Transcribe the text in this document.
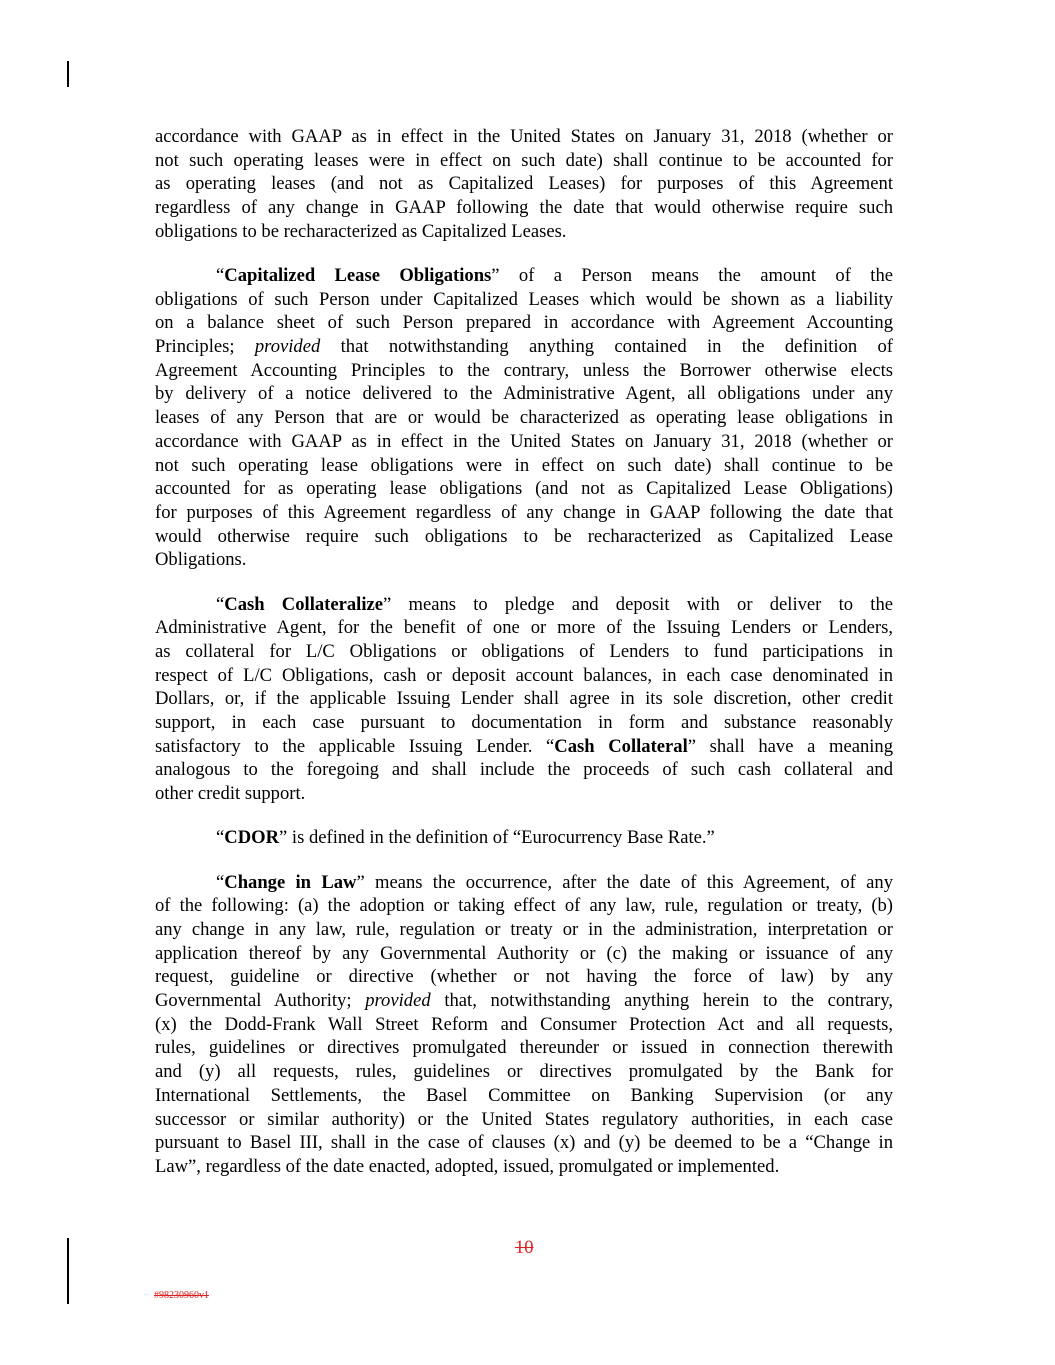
accordance with GAAP as in effect in the United States on January 31, 2018 (whether or
not such operating leases were in effect on such date) shall continue to be accounted for
as operating leases (and not as Capitalized Leases) for purposes of this Agreement
regardless of any change in GAAP following the date that would otherwise require such
obligations to be recharacterized as Capitalized Leases.
“Capitalized Lease Obligations” of a Person means the amount of the
obligations of such Person under Capitalized Leases which would be shown as a liability
on a balance sheet of such Person prepared in accordance with Agreement Accounting
Principles; provided that notwithstanding anything contained in the definition of
Agreement Accounting Principles to the contrary, unless the Borrower otherwise elects
by delivery of a notice delivered to the Administrative Agent, all obligations under any
leases of any Person that are or would be characterized as operating lease obligations in
accordance with GAAP as in effect in the United States on January 31, 2018 (whether or
not such operating lease obligations were in effect on such date) shall continue to be
accounted for as operating lease obligations (and not as Capitalized Lease Obligations)
for purposes of this Agreement regardless of any change in GAAP following the date that
would otherwise require such obligations to be recharacterized as Capitalized Lease
Obligations.
“Cash Collateralize” means to pledge and deposit with or deliver to the
Administrative Agent, for the benefit of one or more of the Issuing Lenders or Lenders,
as collateral for L/C Obligations or obligations of Lenders to fund participations in
respect of L/C Obligations, cash or deposit account balances, in each case denominated in
Dollars, or, if the applicable Issuing Lender shall agree in its sole discretion, other credit
support, in each case pursuant to documentation in form and substance reasonably
satisfactory to the applicable Issuing Lender. “Cash Collateral” shall have a meaning
analogous to the foregoing and shall include the proceeds of such cash collateral and
other credit support.
“CDOR” is defined in the definition of “Eurocurrency Base Rate.”
“Change in Law” means the occurrence, after the date of this Agreement, of any
of the following: (a) the adoption or taking effect of any law, rule, regulation or treaty, (b)
any change in any law, rule, regulation or treaty or in the administration, interpretation or
application thereof by any Governmental Authority or (c) the making or issuance of any
request, guideline or directive (whether or not having the force of law) by any
Governmental Authority; provided that, notwithstanding anything herein to the contrary,
(x) the Dodd-Frank Wall Street Reform and Consumer Protection Act and all requests,
rules, guidelines or directives promulgated thereunder or issued in connection therewith
and (y) all requests, rules, guidelines or directives promulgated by the Bank for
International Settlements, the Basel Committee on Banking Supervision (or any
successor or similar authority) or the United States regulatory authorities, in each case
pursuant to Basel III, shall in the case of clauses (x) and (y) be deemed to be a “Change in
Law”, regardless of the date enacted, adopted, issued, promulgated or implemented.
10
#98230960v1
